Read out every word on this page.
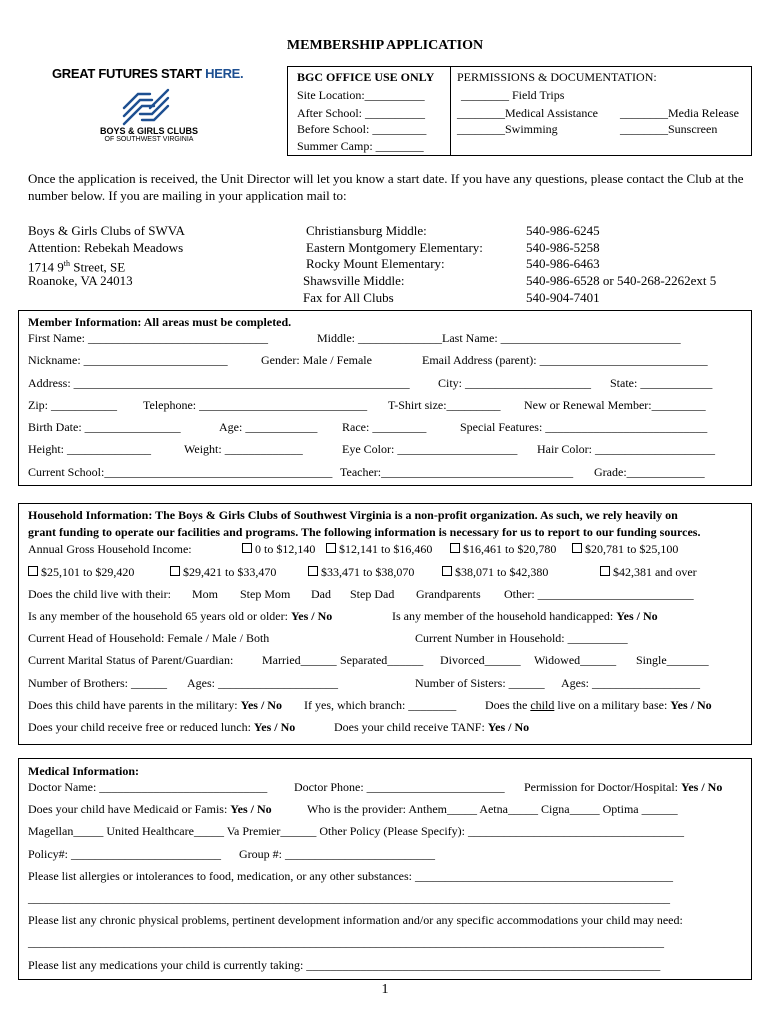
MEMBERSHIP APPLICATION
GREAT FUTURES START HERE.
BOYS & GIRLS CLUBS
OF SOUTHWEST VIRGINIA
BGC OFFICE USE ONLY
Site Location:__________
After School: __________
Before School: _________
Summer Camp: ________
PERMISSIONS & DOCUMENTATION:
________ Field Trips
________Medical Assistance ________Media Release
________Swimming	________Sunscreen
Once the application is received, the Unit Director will let you know a start date. If you have any questions, please contact the Club at the number below. If you are mailing in your application mail to:
Boys & Girls Clubs of SWVA
Attention: Rebekah Meadows
1714 9th Street, SE
Roanoke, VA 24013
Christiansburg Middle:	540-986-6245
Eastern Montgomery Elementary:	540-986-5258
Rocky Mount Elementary:	540-986-6463
Shawsville Middle:	540-986-6528 or 540-268-2262ext 5
Fax for All Clubs	540-904-7401
Member Information: All areas must be completed.
First Name: ______________________________	Middle: ______________ Last Name: ______________________________
Nickname: ________________________	Gender: Male / Female	Email Address (parent): ____________________________
Address: ________________________________________________________ City: _____________________ State: ____________
Zip: ___________ Telephone: ____________________________ T-Shirt size:_________ New or Renewal Member:_________
Birth Date: ________________	Age: ____________ Race: _________	Special Features: ___________________________
Height: ______________	Weight: _____________	Eye Color: ____________________ Hair Color: ____________________
Current School:______________________________________ Teacher:________________________________ Grade:_____________
Household Information: The Boys & Girls Clubs of Southwest Virginia is a non-profit organization. As such, we rely heavily on
grant funding to operate our facilities and programs. The following information is necessary for us to report to our funding sources.
Annual Gross Household Income:	0 to $12,140	$12,141 to $16,460	$16,461 to $20,780	$20,781 to $25,100
$25,101 to $29,420	$29,421 to $33,470	$33,471 to $38,070	$38,071 to $42,380	$42,381 and over
Does the child live with their: Mom Step Mom Dad Step Dad Grandparents Other: __________________________
Is any member of the household 65 years old or older: Yes / No	Is any member of the household handicapped: Yes / No
Current Head of Household: Female / Male / Both	Current Number in Household: __________
Current Marital Status of Parent/Guardian: Married______ Separated______ Divorced______ Widowed______ Single_______
Number of Brothers: ______ Ages: ____________________	Number of Sisters: ______ Ages: __________________
Does this child have parents in the military: Yes / No If yes, which branch: ________ Does the child live on a military base: Yes / No
Does your child receive free or reduced lunch: Yes / No	Does your child receive TANF: Yes / No
Medical Information:
Doctor Name: ____________________________ Doctor Phone: _______________________ Permission for Doctor/Hospital: Yes / No
Does your child have Medicaid or Famis: Yes / No	Who is the provider: Anthem_____ Aetna_____ Cigna_____ Optima ______
Magellan_____ United Healthcare_____ Va Premier______ Other Policy (Please Specify): ____________________________________
Policy#: _________________________ Group #: _________________________
Please list allergies or intolerances to food, medication, or any other substances: ___________________________________________
___________________________________________________________________________________________________________
Please list any chronic physical problems, pertinent development information and/or any specific accommodations your child may need:
__________________________________________________________________________________________________________
Please list any medications your child is currently taking: ___________________________________________________________
1
